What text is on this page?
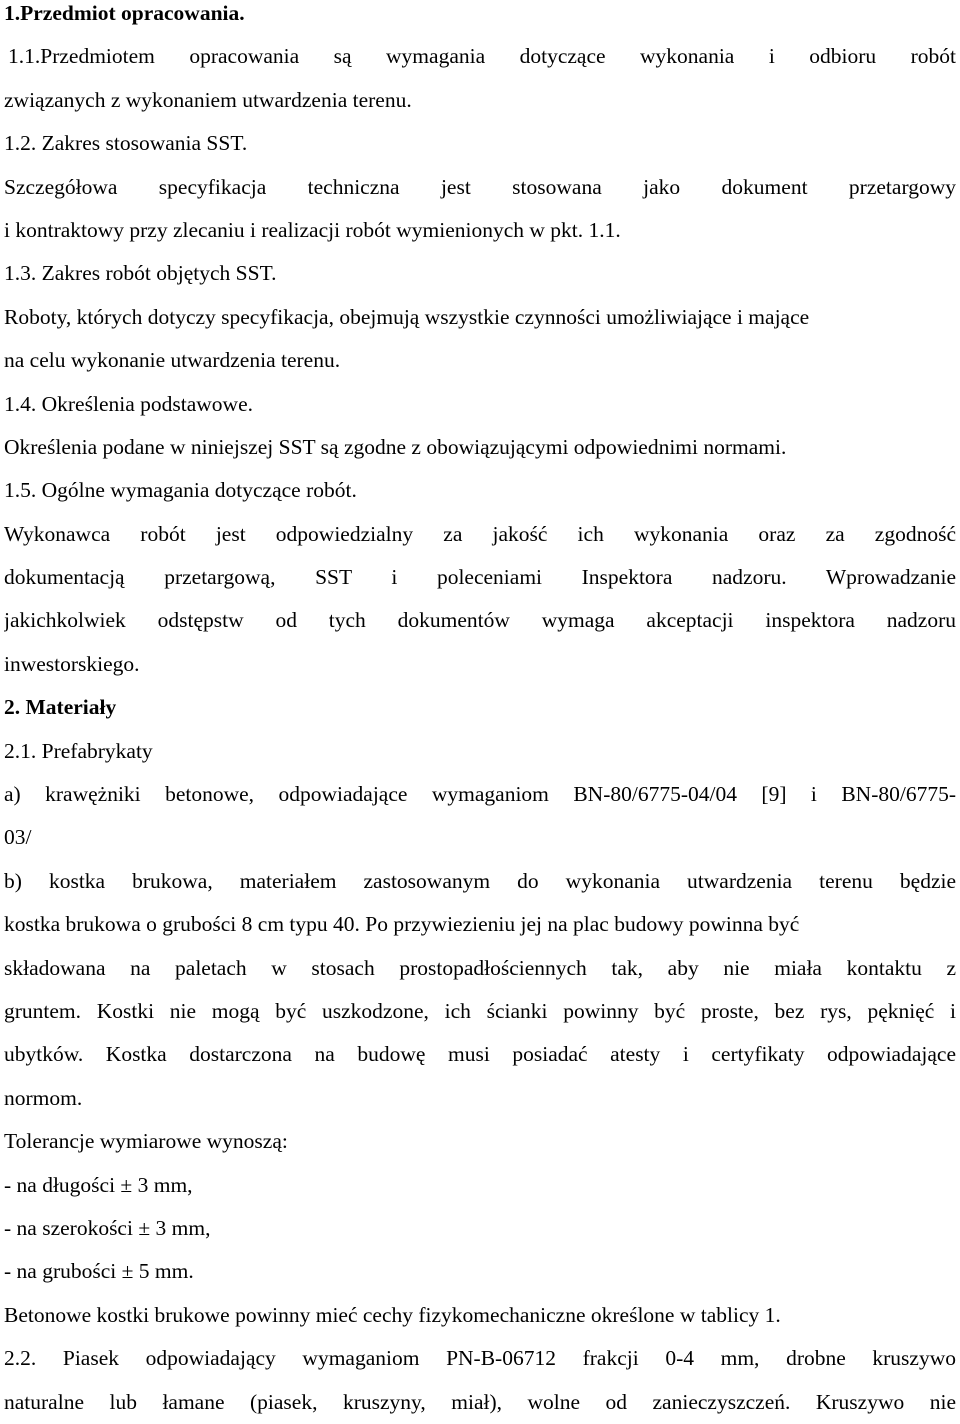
1.Przedmiot opracowania.
1.1.Przedmiotem opracowania są wymagania dotyczące wykonania i odbioru robót
związanych z wykonaniem utwardzenia terenu.
1.2. Zakres stosowania SST.
Szczegółowa specyfikacja techniczna jest stosowana jako dokument przetargowy
i kontraktowy przy zlecaniu i realizacji robót wymienionych w pkt. 1.1.
1.3. Zakres robót objętych SST.
Roboty, których dotyczy specyfikacja, obejmują wszystkie czynności umożliwiające i mające
na celu wykonanie utwardzenia terenu.
1.4. Określenia podstawowe.
Określenia podane w niniejszej SST są zgodne z obowiązującymi odpowiednimi normami.
1.5. Ogólne wymagania dotyczące robót.
Wykonawca robót jest odpowiedzialny za jakość ich wykonania oraz za zgodność
dokumentacją przetargową, SST i poleceniami Inspektora nadzoru. Wprowadzanie
jakichkolwiek odstępstw od tych dokumentów wymaga akceptacji inspektora nadzoru
inwestorskiego.
2. Materiały
2.1. Prefabrykaty
a) krawężniki betonowe, odpowiadające wymaganiom BN-80/6775-04/04 [9] i BN-80/6775-
03/
b) kostka brukowa, materiałem zastosowanym do wykonania utwardzenia terenu będzie
kostka brukowa o grubości 8 cm typu 40. Po przywiezieniu jej na plac budowy powinna być
składowana na paletach w stosach prostopadłościennych tak, aby nie miała kontaktu z
gruntem. Kostki nie mogą być uszkodzone, ich ścianki powinny być proste, bez rys, pęknięć i
ubytków. Kostka dostarczona na budowę musi posiadać atesty i certyfikaty odpowiadające
normom.
Tolerancje wymiarowe wynoszą:
- na długości ± 3 mm,
- na szerokości ± 3 mm,
- na grubości ± 5 mm.
Betonowe kostki brukowe powinny mieć cechy fizykomechaniczne określone w tablicy 1.
2.2. Piasek odpowiadający wymaganiom PN-B-06712 frakcji 0-4 mm, drobne kruszywo
naturalne lub łamane (piasek, kruszyny, miał), wolne od zanieczyszczeń. Kruszywo nie
